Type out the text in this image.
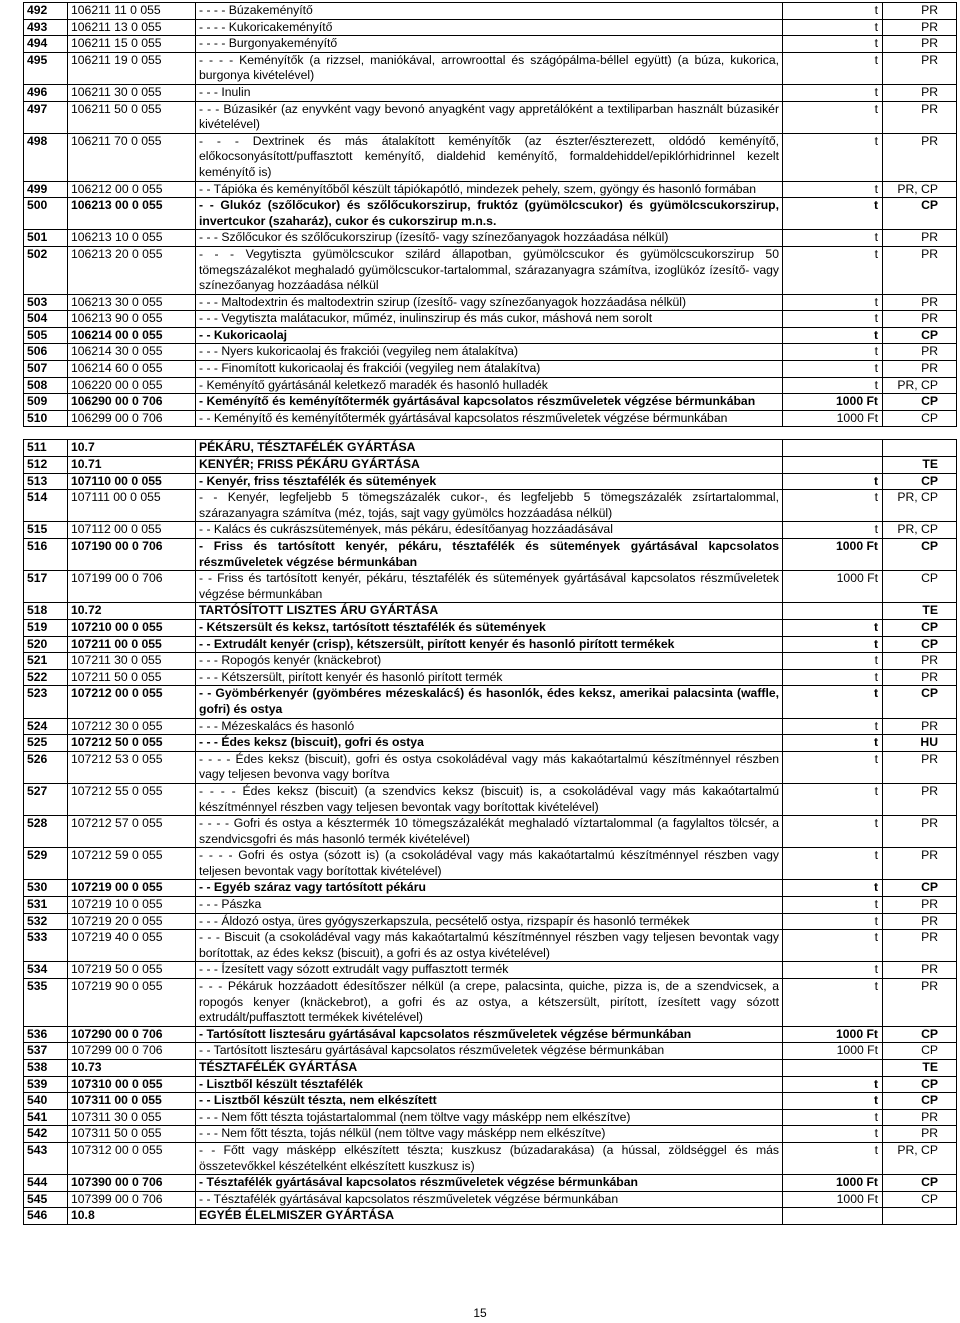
492	106211 11 0 055	- - - - Búzakeményítő	t	PR
493	106211 13 0 055	- - - - Kukoricakeményítő	t	PR
494	106211 15 0 055	- - - - Burgonyakeményítő	t	PR
495	106211 19 0 055	- - - - Keményítők (a rizzsel, maniókával, arrowroottal és szágópálma-béllel együtt) (a búza, kukorica, burgonya kivételével)	t	PR
496	106211 30 0 055	- - - Inulin	t	PR
497	106211 50 0 055	- - - Búzasikér (az enyvként vagy bevonó anyagként vagy appretálóként a textiliparban használt búzasikér kivételével)	t	PR
498	106211 70 0 055	- - - Dextrinek és más átalakított keményítők (az észter/észterezett, oldódó keményítő, előkocsonyásított/puffasztott keményítő, dialdehid keményítő, formaldehiddel/epiklórhidrinnel kezelt keményítő is)	t	PR
499	106212 00 0 055	- - Tápióka és keményítőből készült tápiókapótló, mindezek pehely, szem, gyöngy és hasonló formában	t	PR, CP
500	106213 00 0 055	- - Glukóz (szőlőcukor) és szőlőcukorszirup, fruktóz (gyümölcscukor) és gyümölcscukorszirup, invertcukor (szaharáz), cukor és cukorszirup m.n.s.	t	CP
501	106213 10 0 055	- - - Szőlőcukor és szőlőcukorszirup (ízesítő- vagy színezőanyagok hozzáadása nélkül)	t	PR
502	106213 20 0 055	- - - Vegytiszta gyümölcscukor szilárd állapotban, gyümölcscukor és gyümölcscukorszirup 50 tömegszázalékot meghaladó gyümölcscukor-tartalommal, szárazanyagra számítva, izoglükóz ízesítő- vagy színezőanyag hozzáadása nélkül	t	PR
503	106213 30 0 055	- - - Maltodextrin és maltodextrin szirup (ízesítő- vagy színezőanyagok hozzáadása nélkül)	t	PR
504	106213 90 0 055	- - - Vegytiszta malátacukor, műméz, inulinszirup és más cukor, máshová nem sorolt	t	PR
505	106214 00 0 055	- - Kukoricaolaj	t	CP
506	106214 30 0 055	- - - Nyers kukoricaolaj és frakciói (vegyileg nem átalakítva)	t	PR
507	106214 60 0 055	- - - Finomított kukoricaolaj és frakciói (vegyileg nem átalakítva)	t	PR
508	106220 00 0 055	- Keményítő gyártásánál keletkező maradék és hasonló hulladék	t	PR, CP
509	106290 00 0 706	- Keményítő és keményítőtermék gyártásával kapcsolatos részműveletek végzése bérmunkában	1000 Ft	CP
510	106299 00 0 706	- - Keményítő és keményítőtermék gyártásával kapcsolatos részműveletek végzése bérmunkában	1000 Ft	CP

511	10.7	PÉKÁRU, TÉSZTAFÉLÉK GYÁRTÁSA		
512	10.71	KENYÉR; FRISS PÉKÁRU GYÁRTÁSA		TE
513	107110 00 0 055	- Kenyér, friss tésztafélék és sütemények	t	CP
514	107111 00 0 055	- - Kenyér, legfeljebb 5 tömegszázalék cukor-, és legfeljebb 5 tömegszázalék zsírtartalommal, szárazanyagra számítva (méz, tojás, sajt vagy gyümölcs hozzáadása nélkül)	t	PR, CP
515	107112 00 0 055	- - Kalács és cukrászsütemények, más pékáru, édesítőanyag hozzáadásával	t	PR, CP
516	107190 00 0 706	- Friss és tartósított kenyér, pékáru, tésztafélék és sütemények gyártásával kapcsolatos részműveletek végzése bérmunkában	1000 Ft	CP
517	107199 00 0 706	- - Friss és tartósított kenyér, pékáru, tésztafélék és sütemények gyártásával kapcsolatos részműveletek végzése bérmunkában	1000 Ft	CP
518	10.72	TARTÓSÍTOTT LISZTES ÁRU GYÁRTÁSA		TE
519	107210 00 0 055	- Kétszersült és keksz, tartósított tésztafélék és sütemények	t	CP
520	107211 00 0 055	- - Extrudált kenyér (crisp), kétszersült, pirított kenyér és hasonló pirított termékek	t	CP
521	107211 30 0 055	- - - Ropogós kenyér (knäckebrot)	t	PR
522	107211 50 0 055	- - - Kétszersült, pirított kenyér és hasonló pirított termék	t	PR
523	107212 00 0 055	- - Gyömbérkenyér (gyömbéres mézeskalácś) és hasonlók, édes keksz, amerikai palacsinta (waffle, gofri) és ostya	t	CP
524	107212 30 0 055	- - - Mézeskalács és hasonló	t	PR
525	107212 50 0 055	- - - Édes keksz (biscuit), gofri és ostya	t	HU
526	107212 53 0 055	- - - - Édes keksz (biscuit), gofri és ostya csokoládéval vagy más kakaótartalmú készítménnyel részben vagy teljesen bevonva vagy borítva	t	PR
527	107212 55 0 055	- - - - Édes keksz (biscuit) (a szendvics keksz (biscuit) is, a csokoládéval vagy más kakaótartalmú készítménnyel részben vagy teljesen bevontak vagy borítottak kivételével)	t	PR
528	107212 57 0 055	- - - - Gofri és ostya a késztermék 10 tömegszázalékát meghaladó víztartalommal (a fagylaltos tölcsér, a szendvicsgofri és más hasonló termék kivételével)	t	PR
529	107212 59 0 055	- - - - Gofri és ostya (sózott is) (a csokoládéval vagy más kakaótartalmú készítménnyel részben vagy teljesen bevontak vagy borítottak kivételével)	t	PR
530	107219 00 0 055	- - Egyéb száraz vagy tartósított pékáru	t	CP
531	107219 10 0 055	- - - Pászka	t	PR
532	107219 20 0 055	- - - Áldozó ostya, üres gyógyszerkapszula, pecsételő ostya, rizspapír és hasonló termékek	t	PR
533	107219 40 0 055	- - - Biscuit (a csokoládéval vagy más kakaótartalmú készítménnyel részben vagy teljesen bevontak vagy borítottak, az édes keksz (biscuit), a gofri és az ostya kivételével)	t	PR
534	107219 50 0 055	- - - Ízesített vagy sózott extrudált vagy puffasztott termék	t	PR
535	107219 90 0 055	- - - Pékáruk hozzáadott édesítőszer nélkül (a crepe, palacsinta, quiche, pizza is, de a szendvicsek, a ropogós kenyer (knäckebrot), a gofri és az ostya, a kétszersült, pirított, ízesített vagy sózott extrudált/puffasztott termékek kivételével)	t	PR
536	107290 00 0 706	- Tartósított lisztesáru gyártásával kapcsolatos részműveletek végzése bérmunkában	1000 Ft	CP
537	107299 00 0 706	- - Tartósított lisztesáru gyártásával kapcsolatos részműveletek végzése bérmunkában	1000 Ft	CP
538	10.73	TÉSZTAFÉLÉK GYÁRTÁSA		TE
539	107310 00 0 055	- Lisztből készült tésztafélék	t	CP
540	107311 00 0 055	- - Lisztből készült tészta, nem elkészített	t	CP
541	107311 30 0 055	- - - Nem főtt tészta tojástartalommal (nem töltve vagy másképp nem elkészítve)	t	PR
542	107311 50 0 055	- - - Nem főtt tészta, tojás nélkül (nem töltve vagy másképp nem elkészítve)	t	PR
543	107312 00 0 055	- - Főtt vagy másképp elkészített tészta; kuszkusz (búzadarakása) (a hússal, zöldséggel és más összetevőkkel készételként elkészített kuszkusz is)	t	PR, CP
544	107390 00 0 706	- Tésztafélék gyártásával kapcsolatos részműveletek végzése bérmunkában	1000 Ft	CP
545	107399 00 0 706	- - Tésztafélék gyártásával kapcsolatos részműveletek végzése bérmunkában	1000 Ft	CP
546	10.8	EGYÉB ÉLELMISZER GYÁRTÁSA		
15
